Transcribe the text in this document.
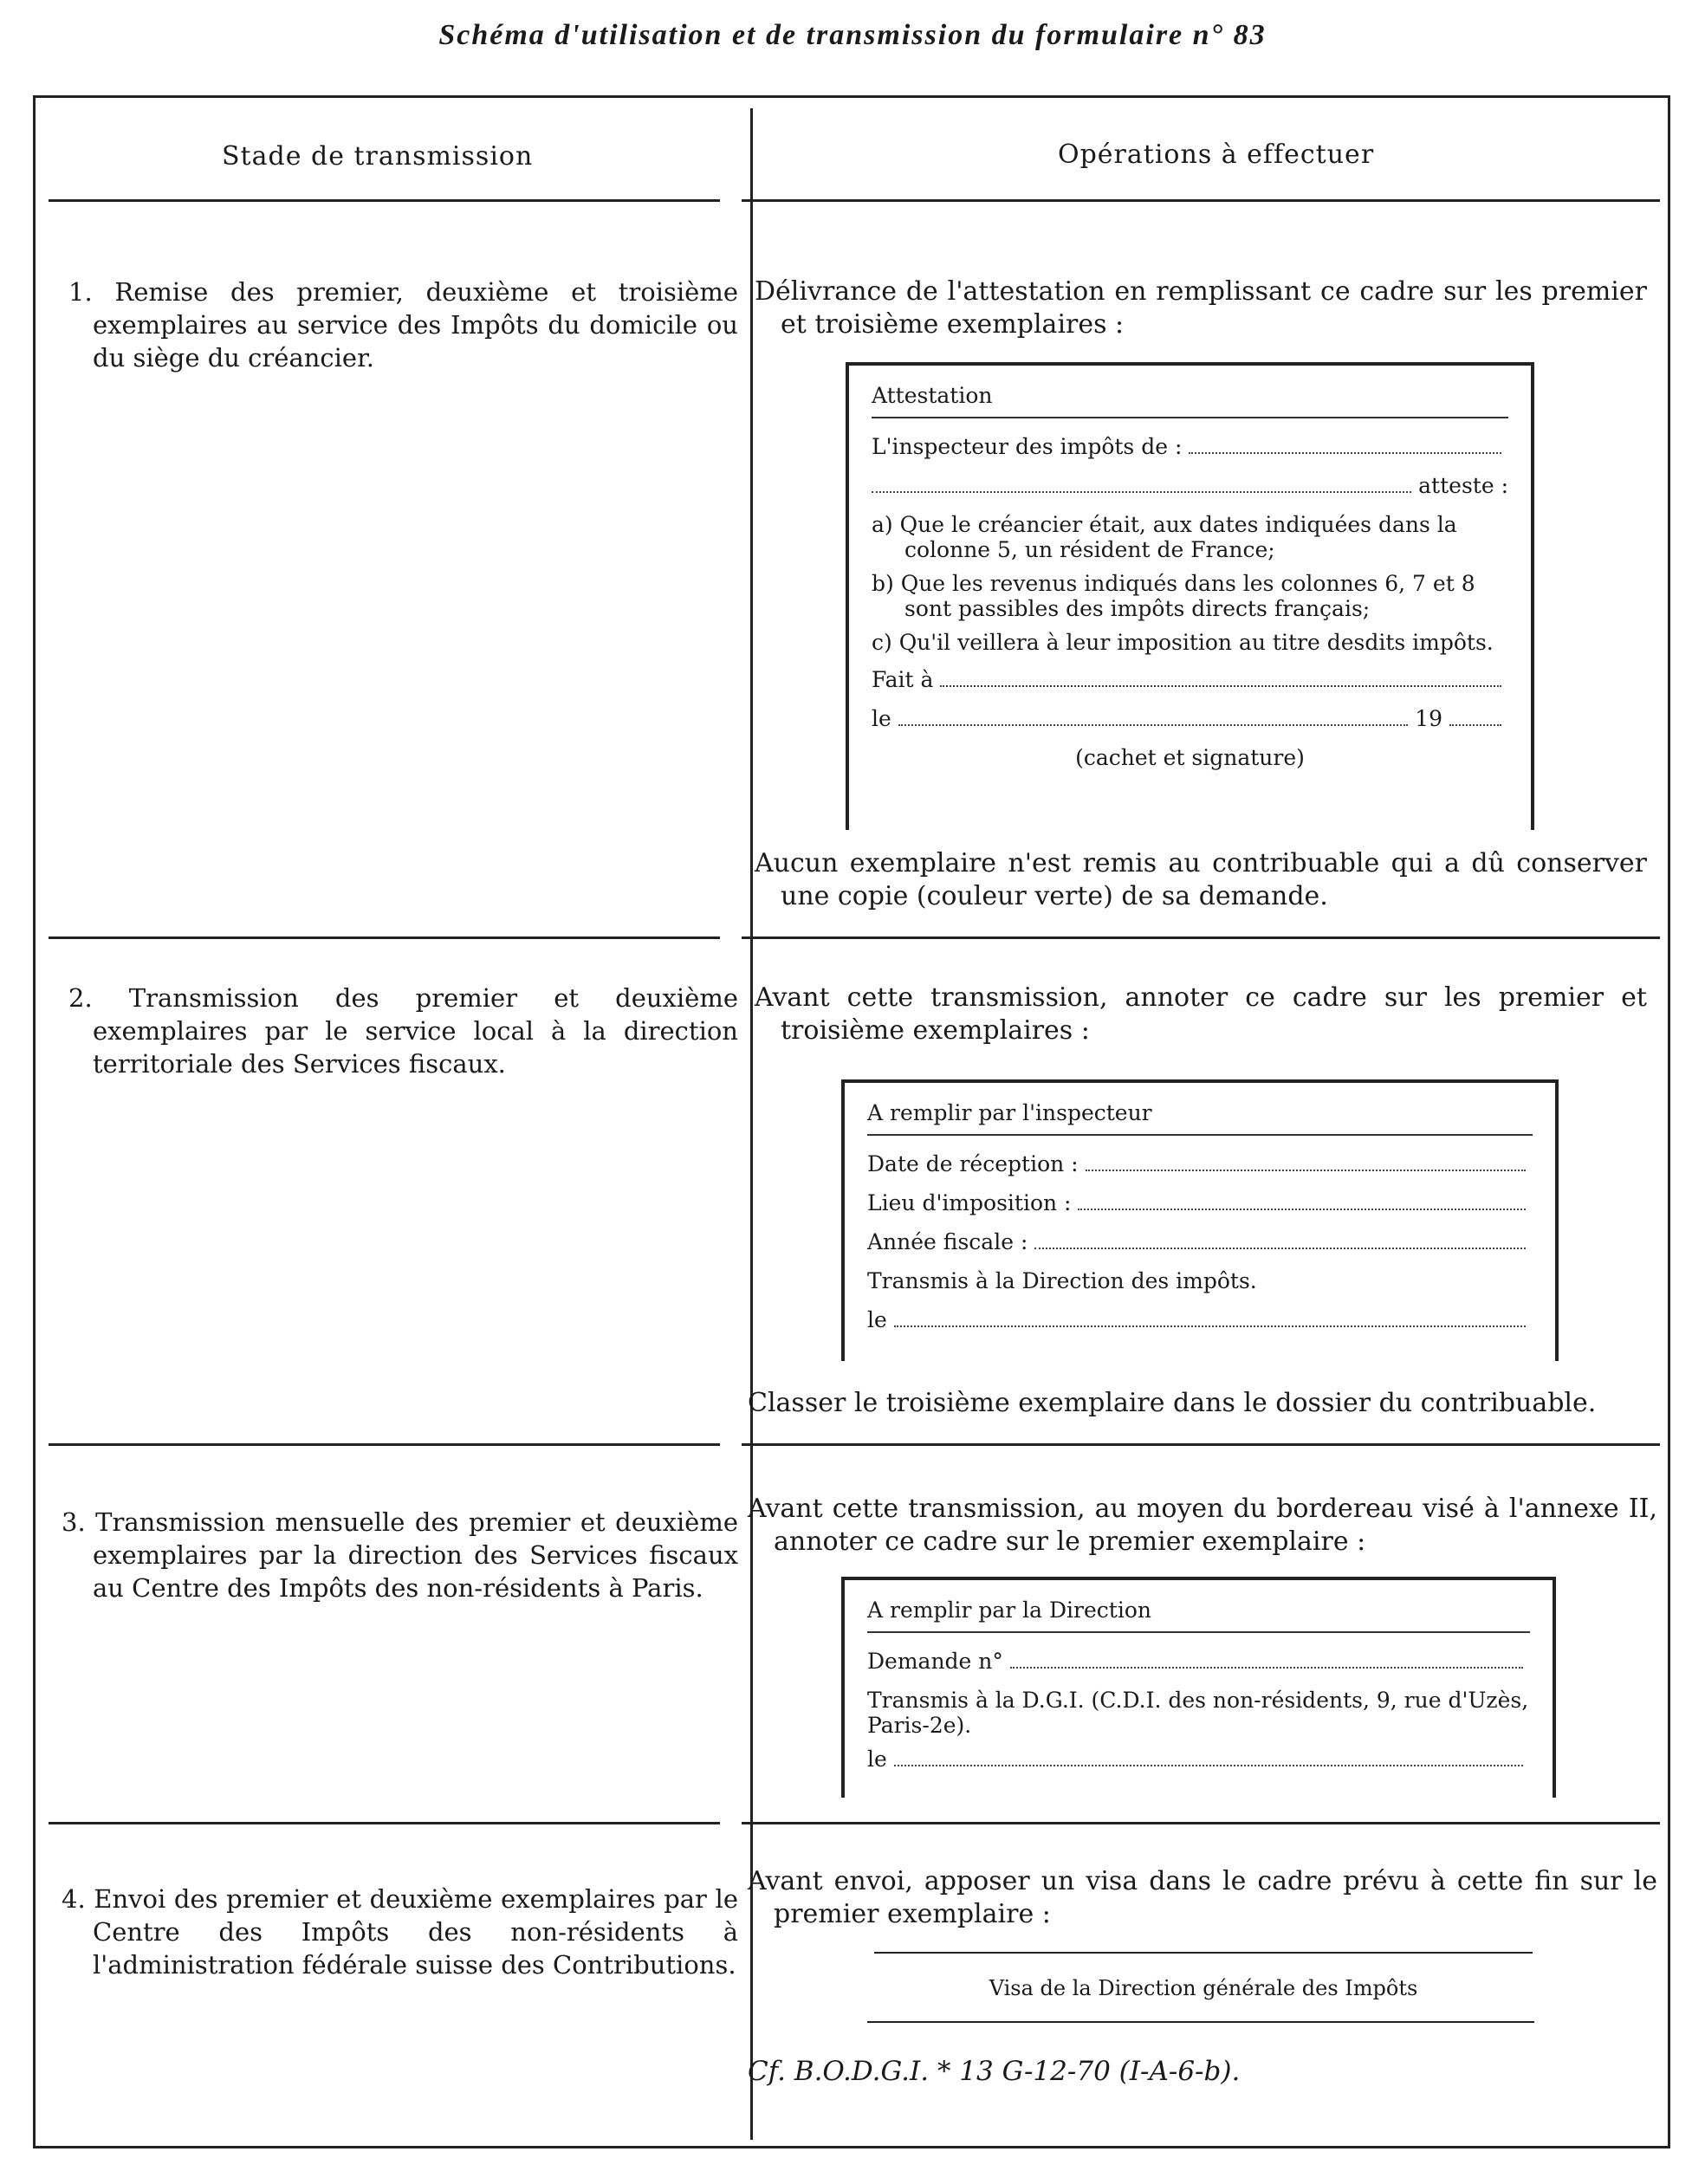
Schéma d'utilisation et de transmission du formulaire n° 83
Stade de transmission	Opérations à effectuer
1. Remise des premier, deuxième et troisième exemplaires au service des Impôts du domicile ou du siège du créancier.
Délivrance de l'attestation en remplissant ce cadre sur les premier et troisième exemplaires :
Attestation
L'inspecteur des impôts de :
atteste :
a) Que le créancier était, aux dates indiquées dans la colonne 5, un résident de France;
b) Que les revenus indiqués dans les colonnes 6, 7 et 8 sont passibles des impôts directs français;
c) Qu'il veillera à leur imposition au titre desdits impôts.
Fait à
le	19
(cachet et signature)
Aucun exemplaire n'est remis au contribuable qui a dû conserver une copie (couleur verte) de sa demande.
2. Transmission des premier et deuxième exemplaires par le service local à la direction territoriale des Services fiscaux.
Avant cette transmission, annoter ce cadre sur les premier et troisième exemplaires :
A remplir par l'inspecteur
Date de réception :
Lieu d'imposition :
Année fiscale :
Transmis à la Direction des impôts.
le
Classer le troisième exemplaire dans le dossier du contribuable.
3. Transmission mensuelle des premier et deuxième exemplaires par la direction des Services fiscaux au Centre des Impôts des non-résidents à Paris.
Avant cette transmission, au moyen du bordereau visé à l'annexe II, annoter ce cadre sur le premier exemplaire :
A remplir par la Direction
Demande n°
Transmis à la D.G.I. (C.D.I. des non-résidents, 9, rue d'Uzès, Paris-2e).
le
4. Envoi des premier et deuxième exemplaires par le Centre des Impôts des non-résidents à l'administration fédérale suisse des Contributions.
Avant envoi, apposer un visa dans le cadre prévu à cette fin sur le premier exemplaire :
Visa de la Direction générale des Impôts
Cf. B.O.D.G.I. * 13 G-12-70 (I-A-6-b).
